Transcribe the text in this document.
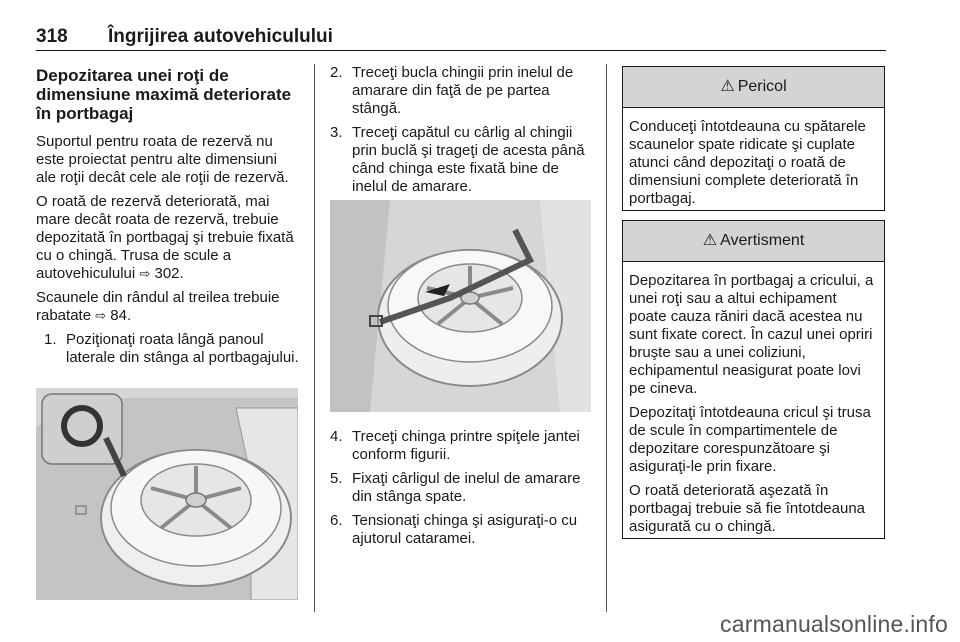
318 Îngrijirea autovehiculului
Depozitarea unei roţi de dimensiune maximă deteriorate în portbagaj

Suportul pentru roata de rezervă nu este proiectat pentru alte dimensiuni ale roţii decât cele ale roţii de rezervă.

O roată de rezervă deteriorată, mai mare decât roata de rezervă, trebuie depozitată în portbagaj şi trebuie fixată cu o chingă. Trusa de scule a autovehiculului ⇨ 302.

Scaunele din rândul al treilea trebuie rabatate ⇨ 84.

1. Poziţionaţi roata lângă panoul laterale din stânga al portbagajului.
2. Treceţi bucla chingii prin inelul de amarare din faţă de pe partea stângă.
3. Treceţi capătul cu cârlig al chingii prin buclă şi trageţi de acesta până când chinga este fixată bine de inelul de amarare.
4. Treceţi chinga printre spiţele jantei conform figurii.
5. Fixaţi cârligul de inelul de amarare din stânga spate.
6. Tensionaţi chinga şi asiguraţi-o cu ajutorul cataramei.
⚠ Pericol

Conduceţi întotdeauna cu spătarele scaunelor spate ridicate şi cuplate atunci când depozitaţi o roată de dimensiuni complete deteriorată în portbagaj.

⚠ Avertisment

Depozitarea în portbagaj a cricului, a unei roţi sau a altui echipament poate cauza răniri dacă acestea nu sunt fixate corect. În cazul unei opriri bruşte sau a unei coliziuni, echipamentul neasigurat poate lovi pe cineva.

Depozitaţi întotdeauna cricul şi trusa de scule în compartimentele de depozitare corespunzătoare şi asiguraţi-le prin fixare.

O roată deteriorată aşezată în portbagaj trebuie să fie întotdeauna asigurată cu o chingă.

carmanualsonline.info
